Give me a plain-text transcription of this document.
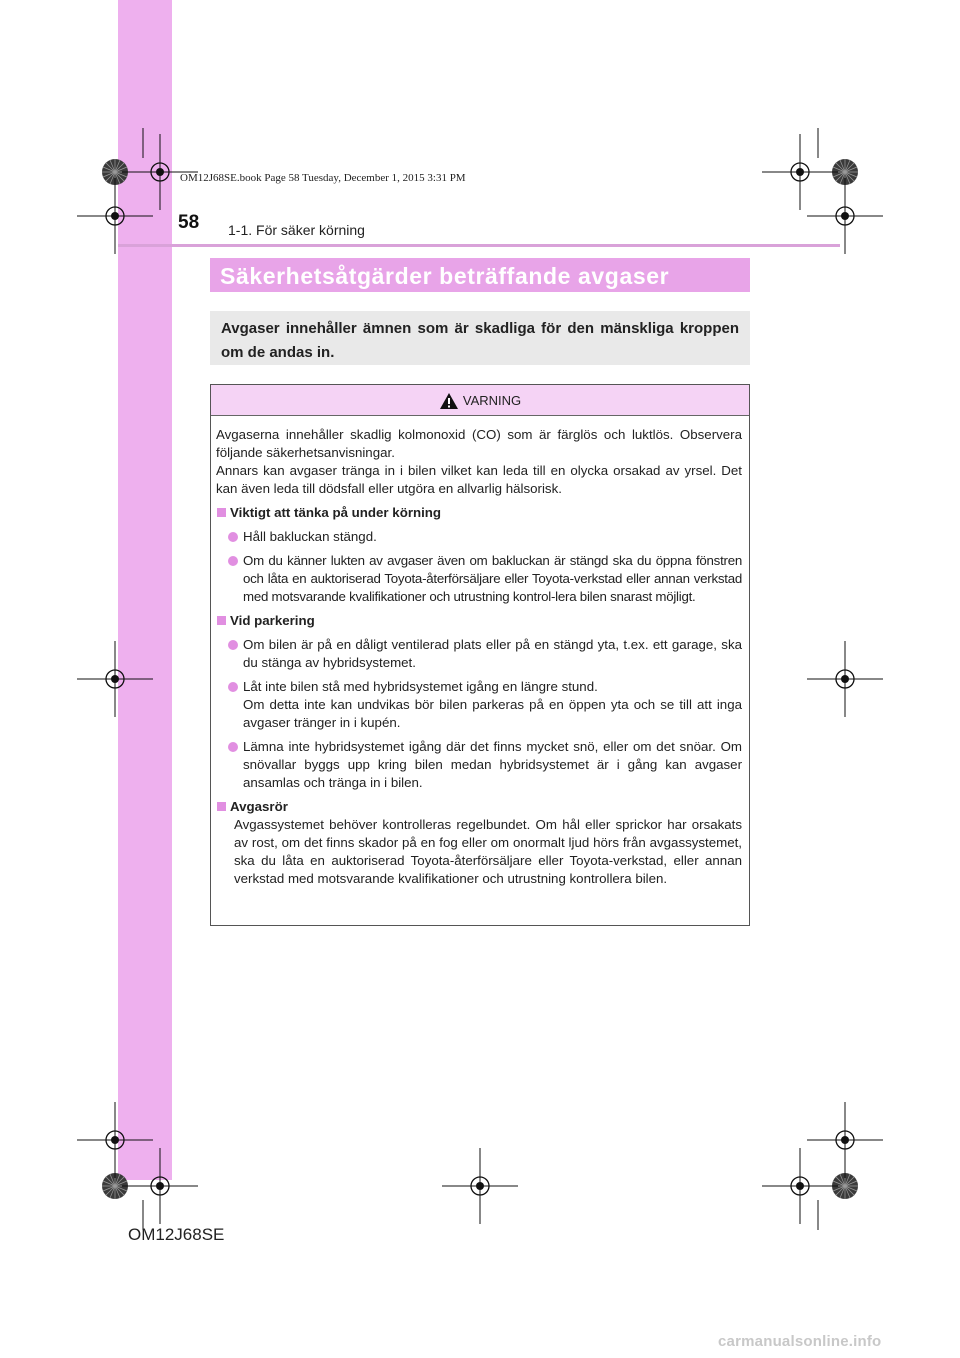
OM12J68SE.book Page 58 Tuesday, December 1, 2015 3:31 PM
58 1-1. För säker körning
Säkerhetsåtgärder beträffande avgaser
Avgaser innehåller ämnen som är skadliga för den mänskliga kroppen om de andas in.
VARNING

Avgaserna innehåller skadlig kolmonoxid (CO) som är färglös och luktlös. Observera följande säkerhetsanvisningar.

Annars kan avgaser tränga in i bilen vilket kan leda till en olycka orsakad av yrsel. Det kan även leda till dödsfall eller utgöra en allvarlig hälsorisk.

Viktigt att tänka på under körning
Håll bakluckan stängd.
Om du känner lukten av avgaser även om bakluckan är stängd ska du öppna fönstren och låta en auktoriserad Toyota-återförsäljare eller Toyota-verkstad eller annan verkstad med motsvarande kvalifikationer och utrustning kontrol-lera bilen snarast möjligt.
Vid parkering
Om bilen är på en dåligt ventilerad plats eller på en stängd yta, t.ex. ett garage, ska du stänga av hybridsystemet.
Låt inte bilen stå med hybridsystemet igång en längre stund.
Om detta inte kan undvikas bör bilen parkeras på en öppen yta och se till att inga avgaser tränger in i kupén.
Lämna inte hybridsystemet igång där det finns mycket snö, eller om det snöar. Om snövallar byggs upp kring bilen medan hybridsystemet är i gång kan avgaser ansamlas och tränga in i bilen.
Avgasrör

Avgassystemet behöver kontrolleras regelbundet. Om hål eller sprickor har orsakats av rost, om det finns skador på en fog eller om onormalt ljud hörs från avgassystemet, ska du låta en auktoriserad Toyota-återförsäljare eller Toyota-verkstad, eller annan verkstad med motsvarande kvalifikationer och utrustning kontrollera bilen.

OM12J68SE
carmanualsonline.info
